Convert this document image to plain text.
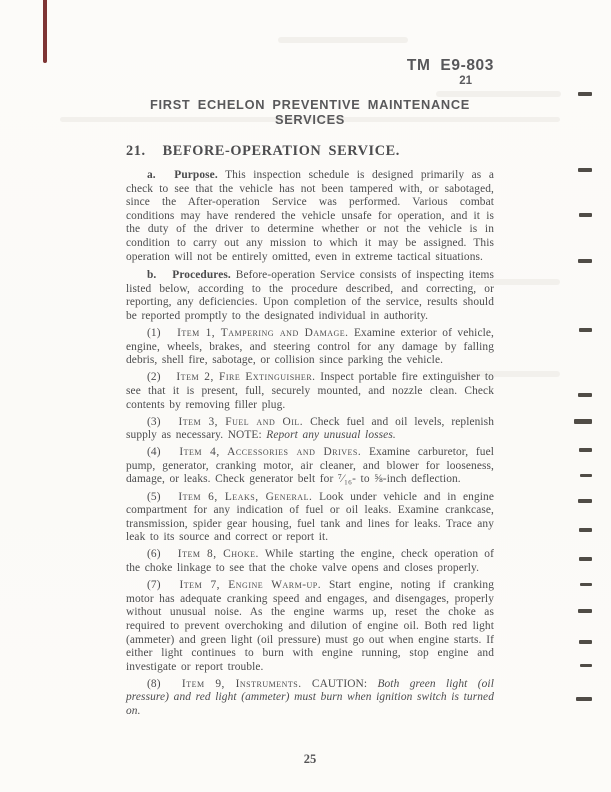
TM E9-803
21
FIRST ECHELON PREVENTIVE MAINTENANCE SERVICES
21. BEFORE-OPERATION SERVICE.

a. Purpose. This inspection schedule is designed primarily as a check to see that the vehicle has not been tampered with, or sabotaged, since the After-operation Service was performed. Various combat conditions may have rendered the vehicle unsafe for operation, and it is the duty of the driver to determine whether or not the vehicle is in condition to carry out any mission to which it may be assigned. This operation will not be entirely omitted, even in extreme tactical situations.

b. Procedures. Before-operation Service consists of inspecting items listed below, according to the procedure described, and correcting, or reporting, any deficiencies. Upon completion of the service, results should be reported promptly to the designated individual in authority.

(1) Item 1, Tampering and Damage. Examine exterior of vehicle, engine, wheels, brakes, and steering control for any damage by falling debris, shell fire, sabotage, or collision since parking the vehicle.

(2) Item 2, Fire Extinguisher. Inspect portable fire extinguisher to see that it is present, full, securely mounted, and nozzle clean. Check contents by removing filler plug.

(3) Item 3, Fuel and Oil. Check fuel and oil levels, replenish supply as necessary. NOTE: Report any unusual losses.

(4) Item 4, Accessories and Drives. Examine carburetor, fuel pump, generator, cranking motor, air cleaner, and blower for looseness, damage, or leaks. Check generator belt for ⁷⁄₁₆- to ⅝-inch deflection.

(5) Item 6, Leaks, General. Look under vehicle and in engine compartment for any indication of fuel or oil leaks. Examine crankcase, transmission, spider gear housing, fuel tank and lines for leaks. Trace any leak to its source and correct or report it.

(6) Item 8, Choke. While starting the engine, check operation of the choke linkage to see that the choke valve opens and closes properly.

(7) Item 7, Engine Warm-up. Start engine, noting if cranking motor has adequate cranking speed and engages, and disengages, properly without unusual noise. As the engine warms up, reset the choke as required to prevent overchoking and dilution of engine oil. Both red light (ammeter) and green light (oil pressure) must go out when engine starts. If either light continues to burn with engine running, stop engine and investigate or report trouble.

(8) Item 9, Instruments. CAUTION: Both green light (oil pressure) and red light (ammeter) must burn when ignition switch is turned on.

25
